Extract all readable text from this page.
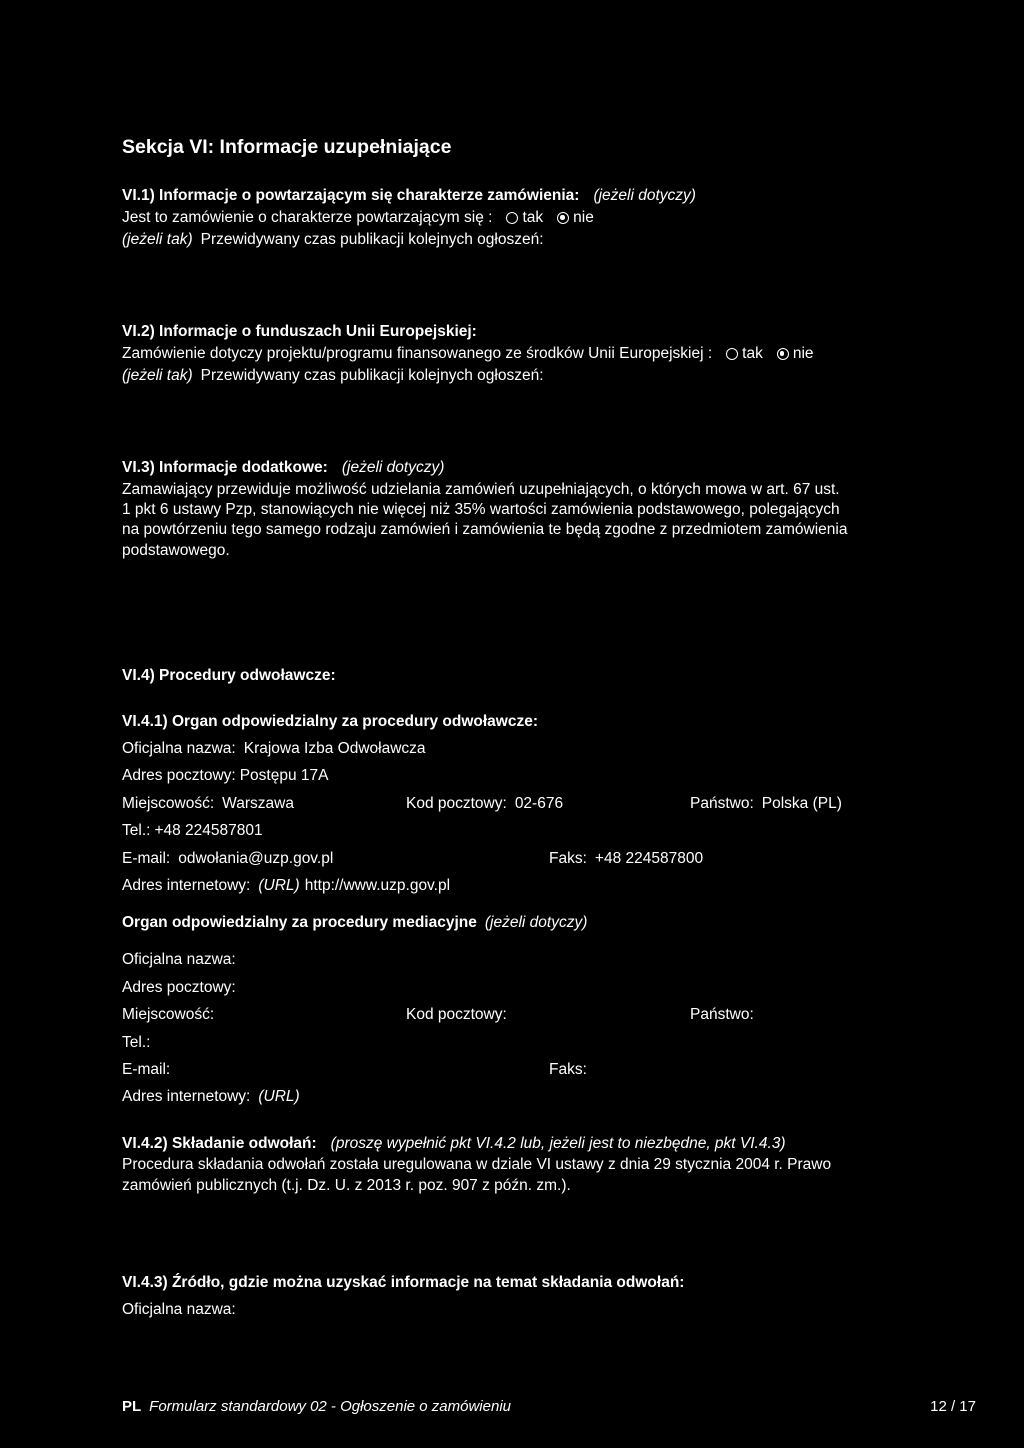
Sekcja VI: Informacje uzupełniające
VI.1) Informacje o powtarzającym się charakterze zamówienia: (jeżeli dotyczy)
Jest to zamówienie o charakterze powtarzającym się : tak nie
(jeżeli tak) Przewidywany czas publikacji kolejnych ogłoszeń:
VI.2) Informacje o funduszach Unii Europejskiej:
Zamówienie dotyczy projektu/programu finansowanego ze środków Unii Europejskiej : tak nie
(jeżeli tak) Przewidywany czas publikacji kolejnych ogłoszeń:
VI.3) Informacje dodatkowe: (jeżeli dotyczy)
Zamawiający przewiduje możliwość udzielania zamówień uzupełniających, o których mowa w art. 67 ust.
1 pkt 6 ustawy Pzp, stanowiących nie więcej niż 35% wartości zamówienia podstawowego, polegających
na powtórzeniu tego samego rodzaju zamówień i zamówienia te będą zgodne z przedmiotem zamówienia
podstawowego.
VI.4) Procedury odwoławcze:
VI.4.1) Organ odpowiedzialny za procedury odwoławcze:
Oficjalna nazwa: Krajowa Izba Odwoławcza
Adres pocztowy: Postępu 17A
Miejscowość: Warszawa	Kod pocztowy: 02-676	Państwo: Polska (PL)
Tel.: +48 224587801
E-mail: odwołania@uzp.gov.pl	Faks: +48 224587800
Adres internetowy: (URL) http://www.uzp.gov.pl
Organ odpowiedzialny za procedury mediacyjne (jeżeli dotyczy)
Oficjalna nazwa:
Adres pocztowy:
Miejscowość:	Kod pocztowy:	Państwo:
Tel.:
E-mail:	Faks:
Adres internetowy: (URL)
VI.4.2) Składanie odwołań: (proszę wypełnić pkt VI.4.2 lub, jeżeli jest to niezbędne, pkt VI.4.3)
Procedura składania odwołań została uregulowana w dziale VI ustawy z dnia 29 stycznia 2004 r. Prawo
zamówień publicznych (t.j. Dz. U. z 2013 r. poz. 907 z późn. zm.).
VI.4.3) Źródło, gdzie można uzyskać informacje na temat składania odwołań:
Oficjalna nazwa:
PL Formularz standardowy 02 - Ogłoszenie o zamówieniu	12 / 17
